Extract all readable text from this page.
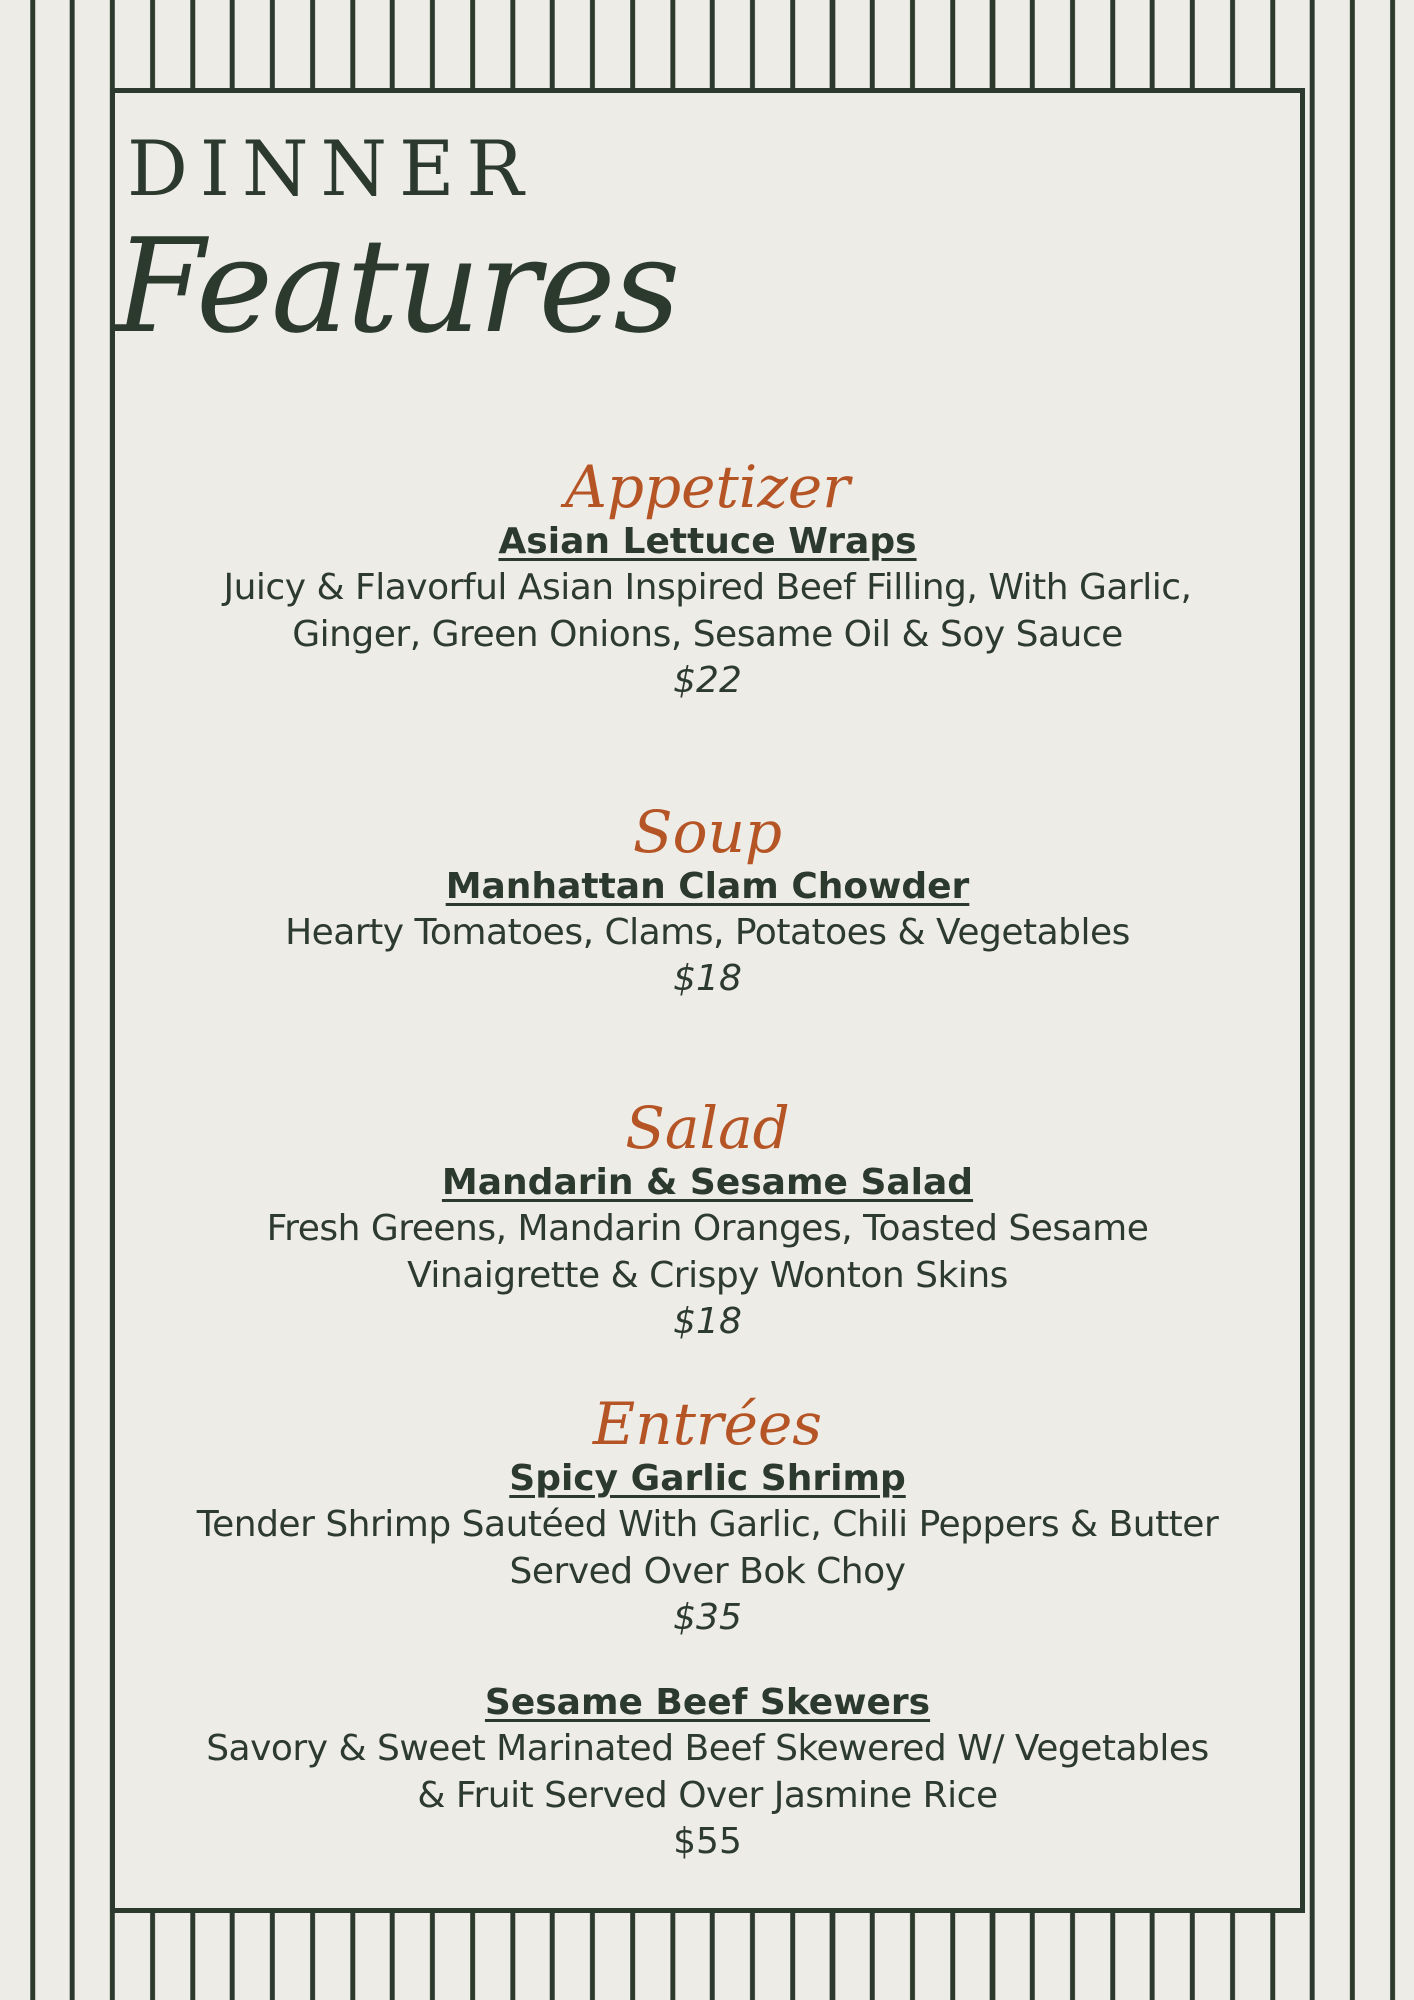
DINNER
Features
Appetizer
Asian Lettuce Wraps
Juicy & Flavorful Asian Inspired Beef Filling, With Garlic,
Ginger, Green Onions, Sesame Oil & Soy Sauce
$22
Soup
Manhattan Clam Chowder
Hearty Tomatoes, Clams, Potatoes & Vegetables
$18
Salad
Mandarin & Sesame Salad
Fresh Greens, Mandarin Oranges, Toasted Sesame
Vinaigrette & Crispy Wonton Skins
$18
Entrées
Spicy Garlic Shrimp
Tender Shrimp Sautéed With Garlic, Chili Peppers & Butter
Served Over Bok Choy
$35
Sesame Beef Skewers
Savory & Sweet Marinated Beef Skewered W/ Vegetables
& Fruit Served Over Jasmine Rice
$55
